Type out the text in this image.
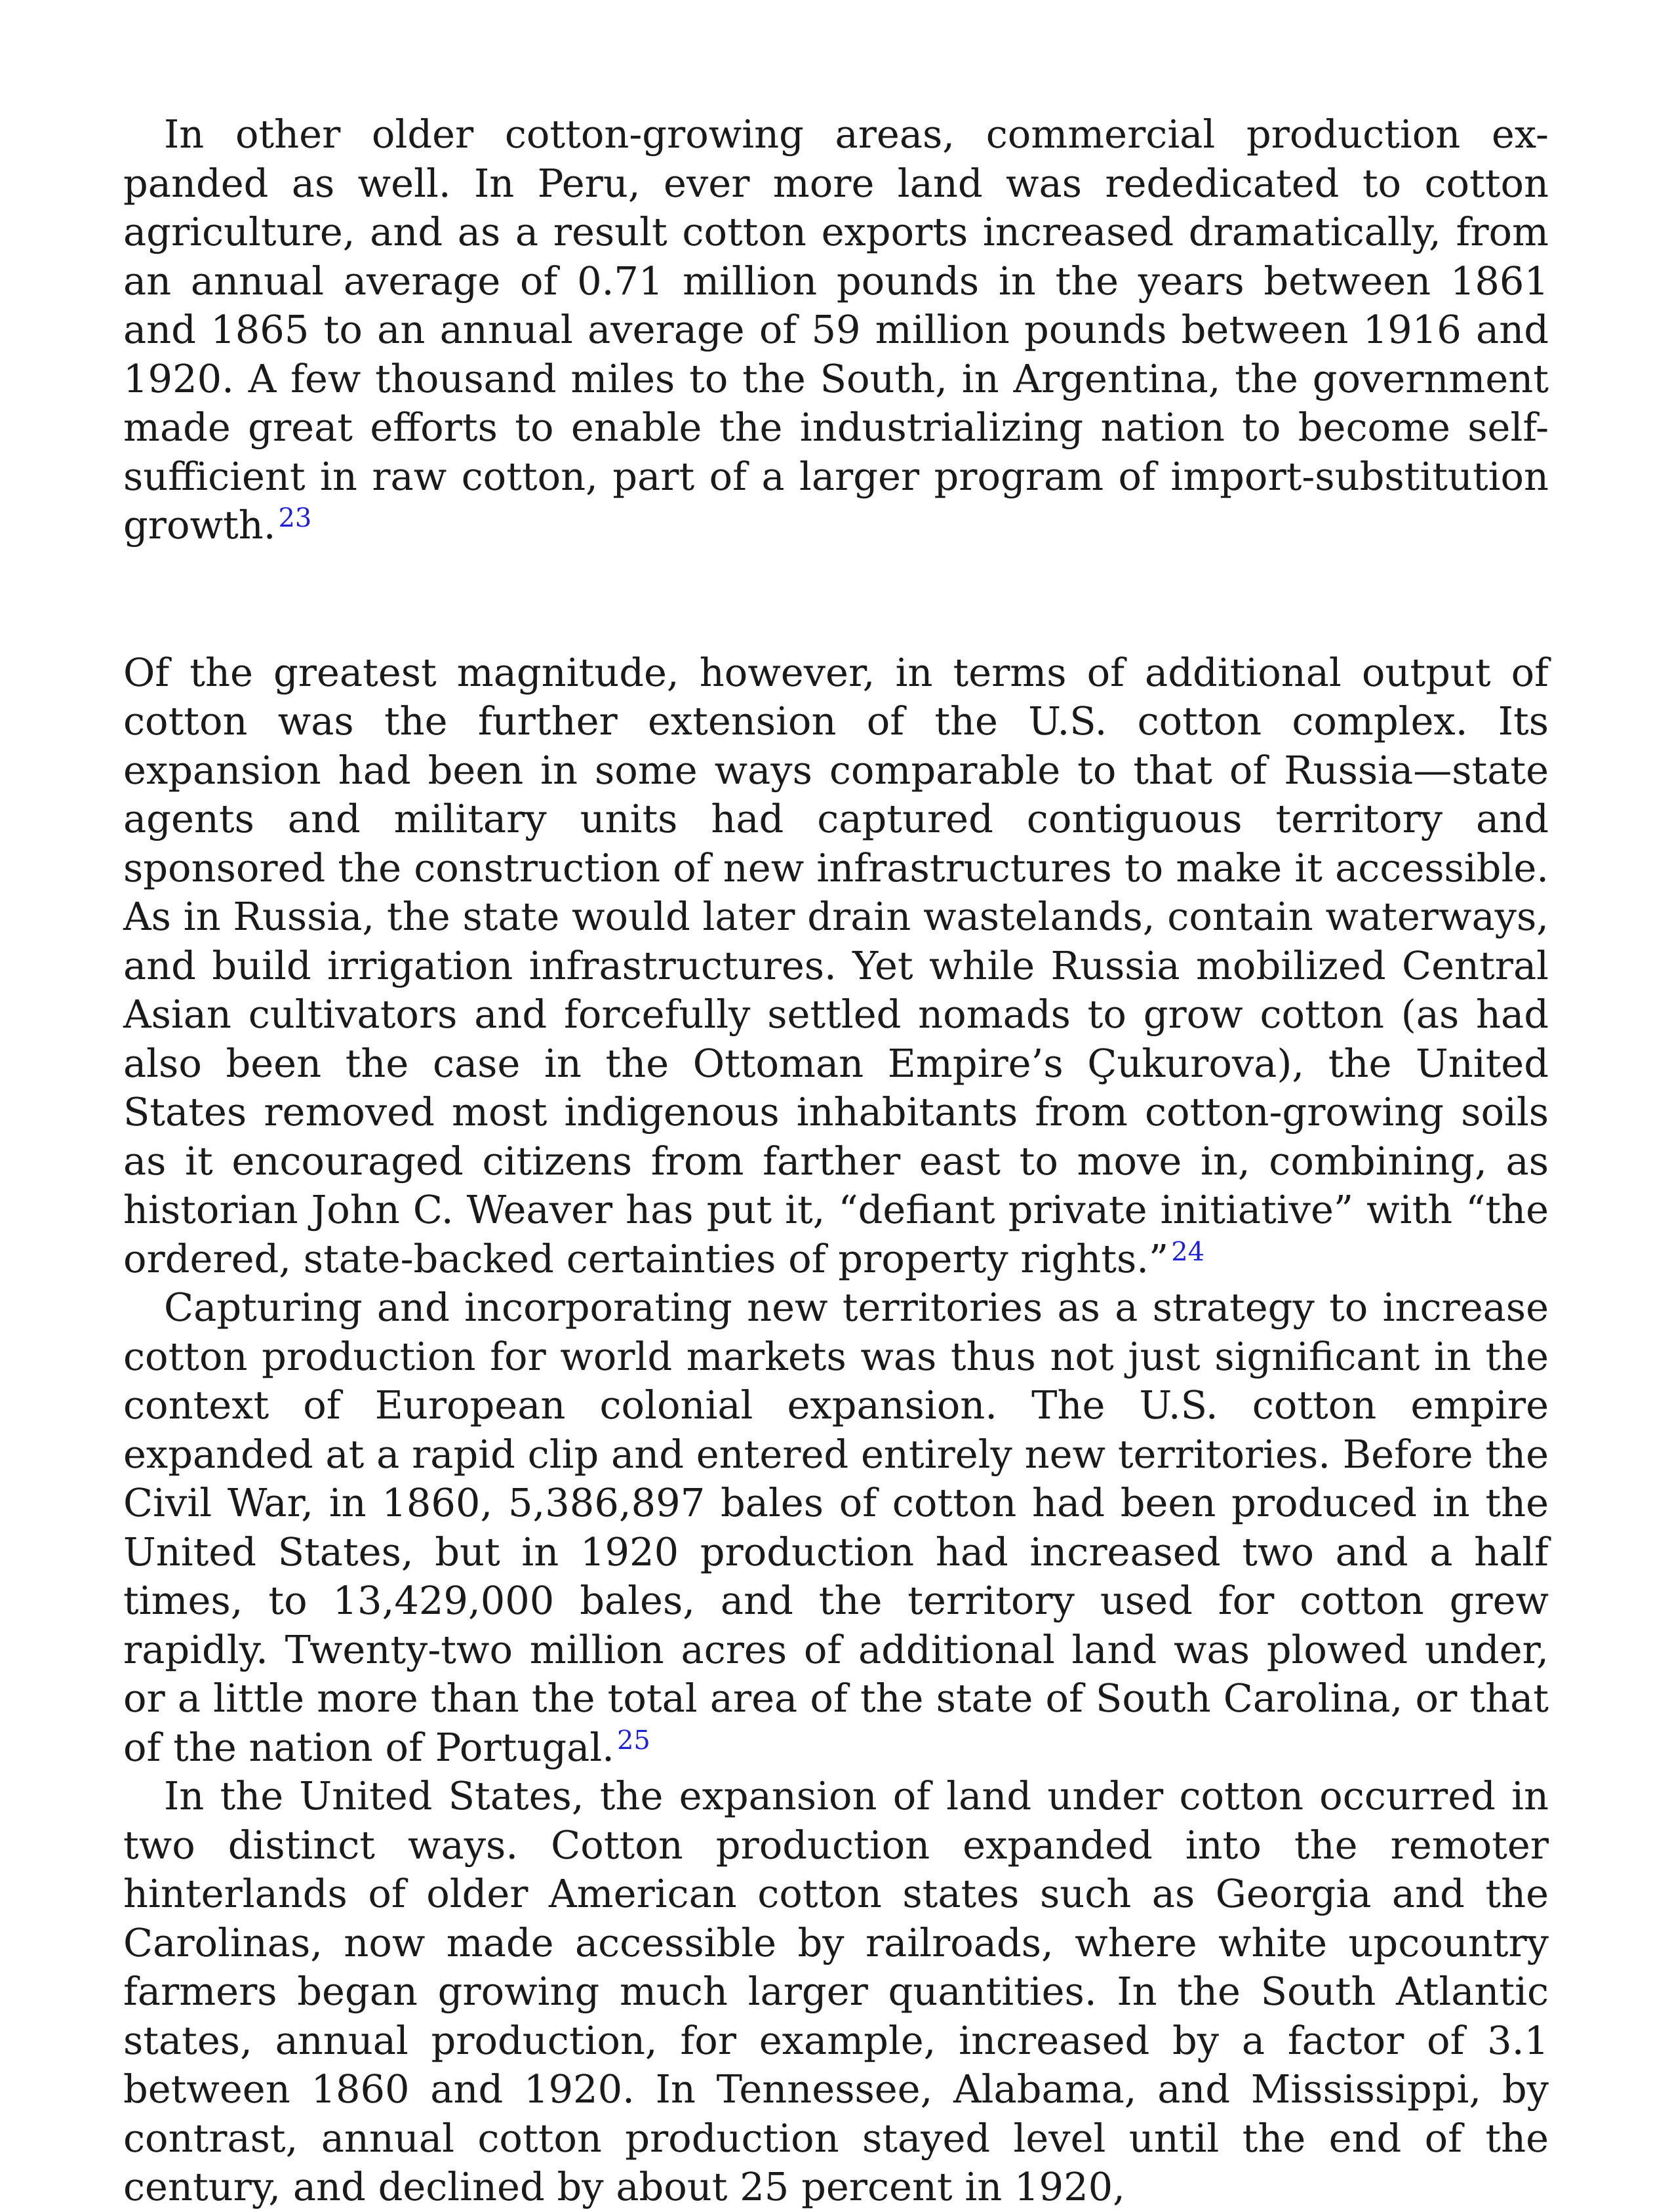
In other older cotton-growing areas, commercial production ex-panded as well. In Peru, ever more land was rededicated to cotton agriculture, and as a result cotton exports increased dramatically, from an annual average of 0.71 million pounds in the years between 1861 and 1865 to an annual average of 59 million pounds between 1916 and 1920. A few thousand miles to the South, in Argentina, the government made great efforts to enable the industrializing nation to become self-sufficient in raw cotton, part of a larger program of import-substitution growth. $^{23}$

Of the greatest magnitude, however, in terms of additional output of cotton was the further extension of the U.S. cotton complex. Its expansion had been in some ways comparable to that of Russia—state agents and military units had captured contiguous territory and sponsored the construction of new infrastructures to make it accessible. As in Russia, the state would later drain wastelands, contain waterways, and build irrigation infrastructures. Yet while Russia mobilized Central Asian cultivators and forcefully settled nomads to grow cotton (as had also been the case in the Ottoman Empire’s Çukurova), the United States removed most indigenous inhabitants from cotton-growing soils as it encouraged citizens from farther east to move in, combining, as historian John C. Weaver has put it, “defiant private initiative” with “the ordered, state-backed certainties of property rights.” $^{24}$

Capturing and incorporating new territories as a strategy to increase cotton production for world markets was thus not just significant in the context of European colonial expansion. The U.S. cotton empire expanded at a rapid clip and entered entirely new territories. Before the Civil War, in 1860, 5,386,897 bales of cotton had been produced in the United States, but in 1920 production had increased two and a half times, to 13,429,000 bales, and the territory used for cotton grew rapidly. Twenty-two million acres of additional land was plowed under, or a little more than the total area of the state of South Carolina, or that of the nation of Portugal. $^{25}$

In the United States, the expansion of land under cotton occurred in two distinct ways. Cotton production expanded into the remoter hinterlands of older American cotton states such as Georgia and the Carolinas, now made accessible by railroads, where white upcountry farmers began growing much larger quantities. In the South Atlantic states, annual production, for example, increased by a factor of 3.1 between 1860 and 1920. In Tennessee, Alabama, and Mississippi, by contrast, annual cotton production stayed level until the end of the century, and declined by about 25 percent in 1920,
